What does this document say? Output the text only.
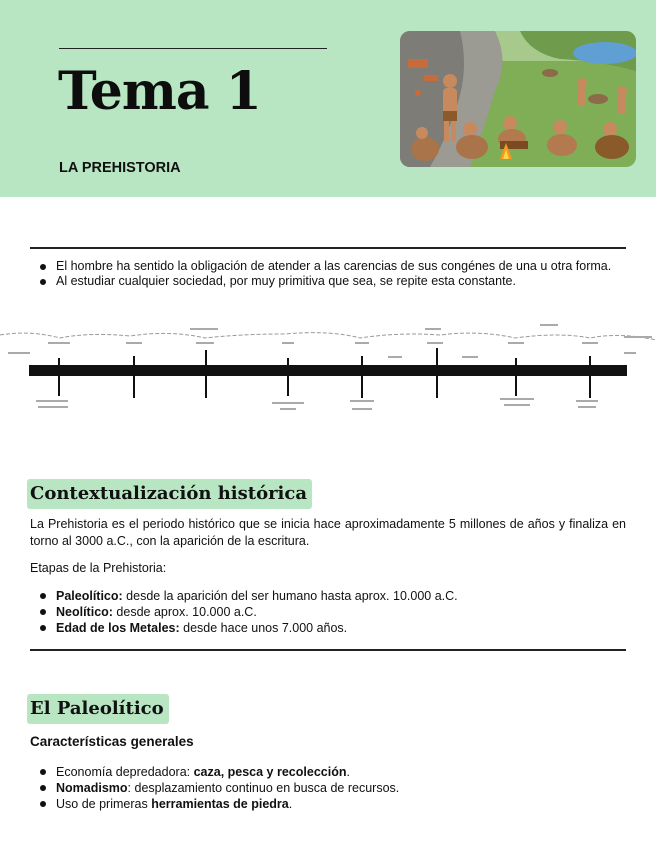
Tema 1

LA PREHISTORIA

El hombre ha sentido la obligación de atender a las carencias de sus congénes de una u otra forma.
Al estudiar cualquier sociedad, por muy primitiva que sea, se repite esta constante.
Contextualización histórica

La Prehistoria es el periodo histórico que se inicia hace aproximadamente 5 millones de años y finaliza en torno al 3000 a.C., con la aparición de la escritura.

Etapas de la Prehistoria:

Paleolítico: desde la aparición del ser humano hasta aprox. 10.000 a.C.
Neolítico: desde aprox. 10.000 a.C.
Edad de los Metales: desde hace unos 7.000 años.
El Paleolítico
Características generales
Economía depredadora: caza, pesca y recolección.
Nomadismo: desplazamiento continuo en busca de recursos.
Uso de primeras herramientas de piedra.
